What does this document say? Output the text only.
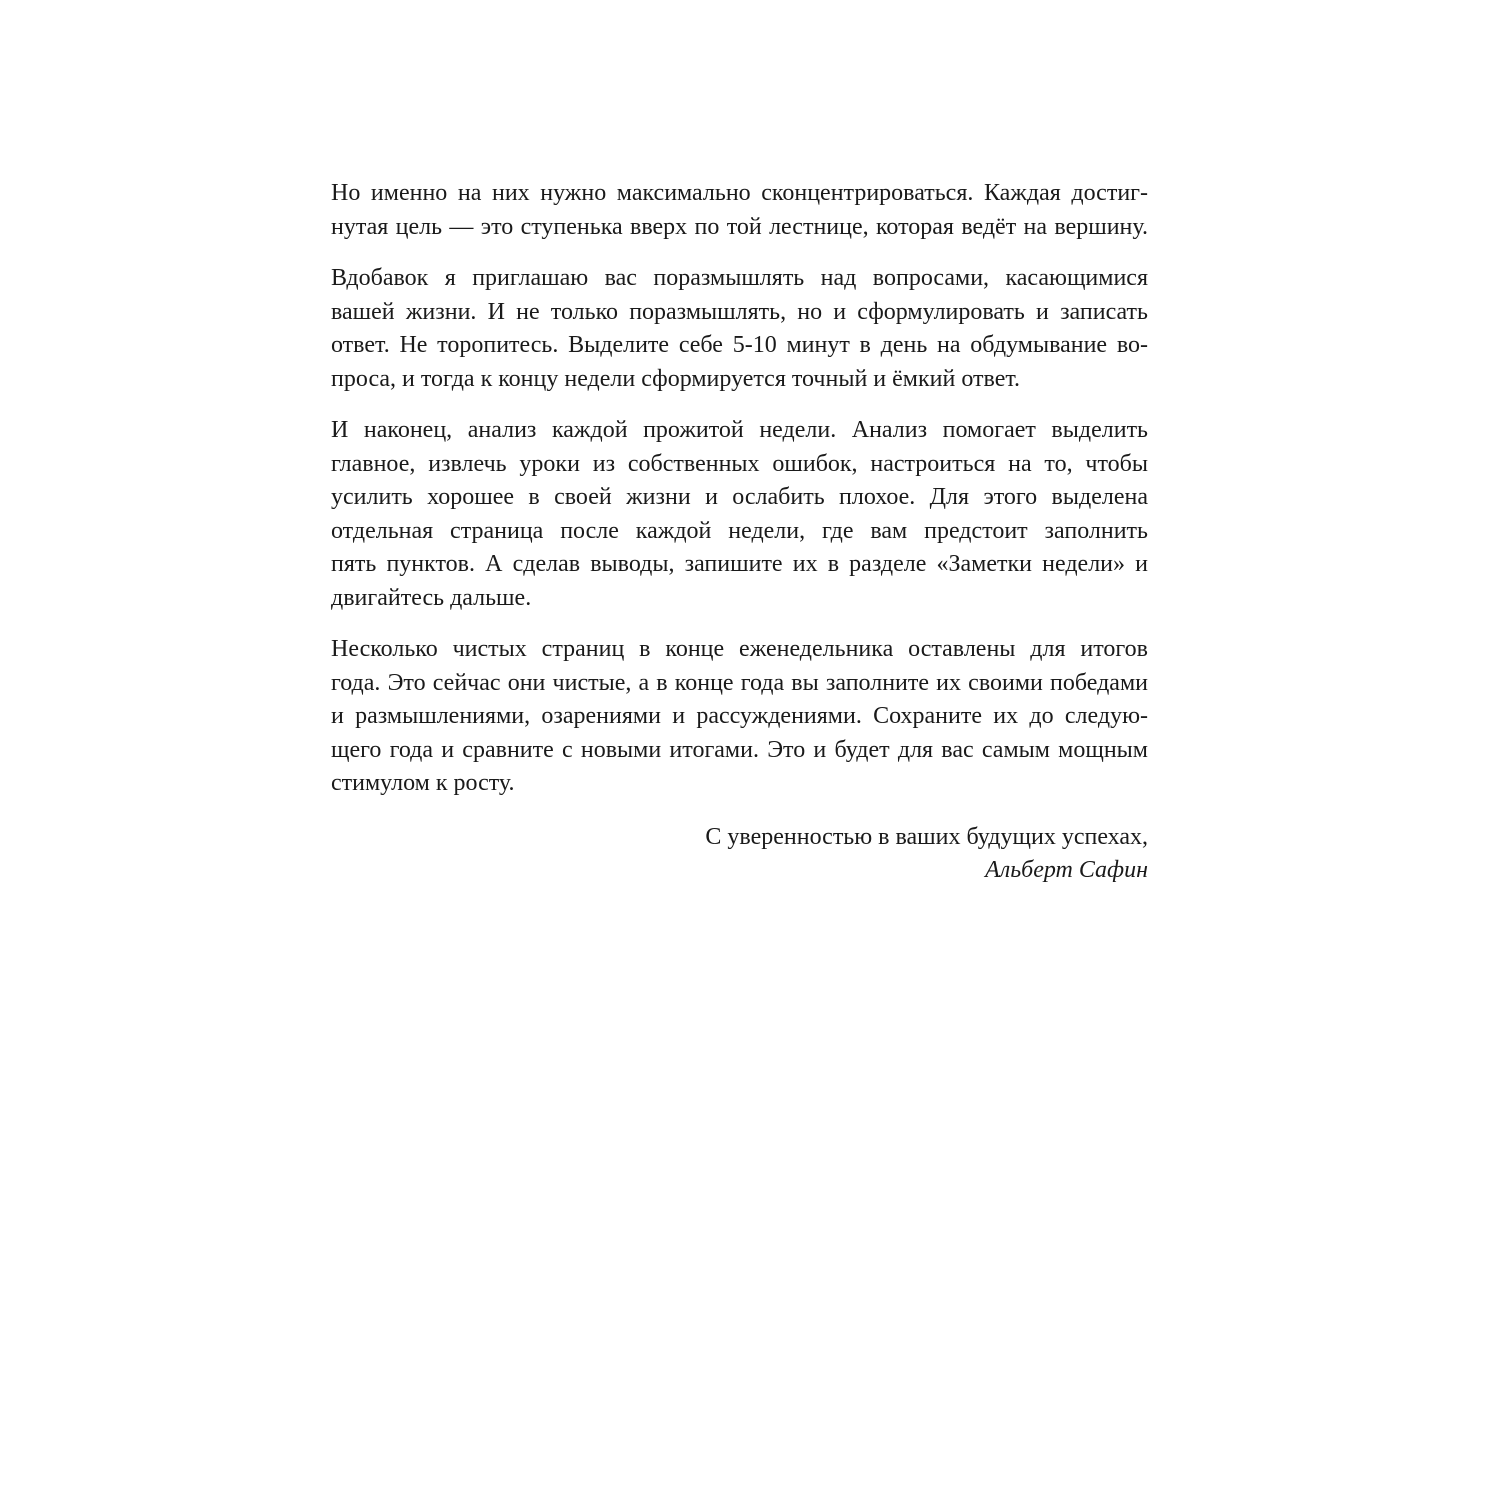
Но именно на них нужно максимально сконцентрироваться. Каждая достиг-
нутая цель — это ступенька вверх по той лестнице, которая ведёт на вершину.
Вдобавок я приглашаю вас поразмышлять над вопросами, касающимися
вашей жизни. И не только поразмышлять, но и сформулировать и записать
ответ. Не торопитесь. Выделите себе 5-10 минут в день на обдумывание во-
проса, и тогда к концу недели сформируется точный и ёмкий ответ.
И наконец, анализ каждой прожитой недели. Анализ помогает выделить
главное, извлечь уроки из собственных ошибок, настроиться на то, чтобы
усилить хорошее в своей жизни и ослабить плохое. Для этого выделена
отдельная страница после каждой недели, где вам предстоит заполнить
пять пунктов. А сделав выводы, запишите их в разделе «Заметки недели» и
двигайтесь дальше.
Несколько чистых страниц в конце еженедельника оставлены для итогов
года. Это сейчас они чистые, а в конце года вы заполните их своими победами
и размышлениями, озарениями и рассуждениями. Сохраните их до следую-
щего года и сравните с новыми итогами. Это и будет для вас самым мощным
стимулом к росту.
С уверенностью в ваших будущих успехах,
Альберт Сафин
